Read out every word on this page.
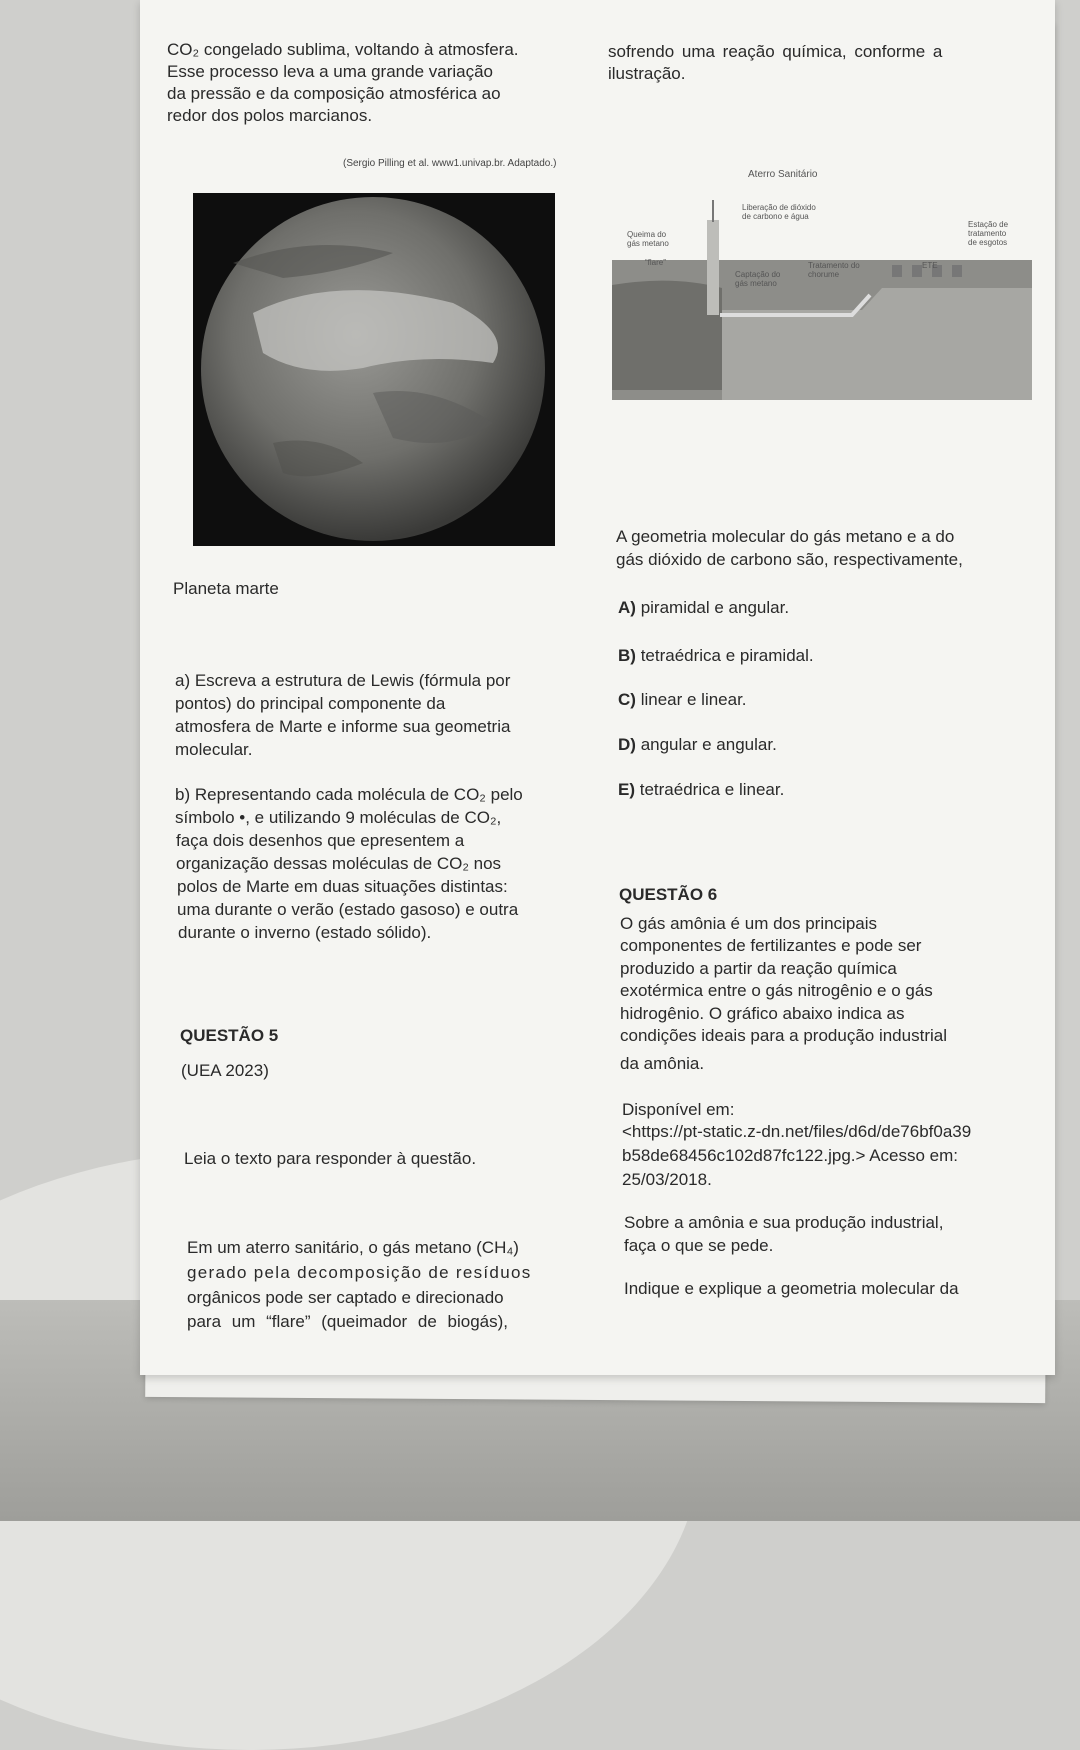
CO₂ congelado sublima, voltando à atmosfera.
Esse processo leva a uma grande variação
da pressão e da composição atmosférica ao
redor dos polos marcianos.
(Sergio Pilling et al. www1.univap.br. Adaptado.)
Planeta marte
a) Escreva a estrutura de Lewis (fórmula por
pontos) do principal componente da
atmosfera de Marte e informe sua geometria
molecular.
b) Representando cada molécula de CO₂ pelo
símbolo •, e utilizando 9 moléculas de CO₂,
faça dois desenhos que epresentem a
organização dessas moléculas de CO₂ nos
polos de Marte em duas situações distintas:
uma durante o verão (estado gasoso) e outra
durante o inverno (estado sólido).
QUESTÃO 5
(UEA 2023)
Leia o texto para responder à questão.
Em um aterro sanitário, o gás metano (CH₄)
gerado pela decomposição de resíduos
orgânicos pode ser captado e direcionado
para um “flare” (queimador de biogás),
sofrendo uma reação química, conforme a
ilustração.
Aterro Sanitário
Liberação de dióxido
de carbono e água
Queima do
gás metano
“flare”
Captação do
gás metano
Tratamento do
chorume
ETE
Estação de
tratamento
de esgotos
A geometria molecular do gás metano e a do
gás dióxido de carbono são, respectivamente,
A) piramidal e angular.
B) tetraédrica e piramidal.
C) linear e linear.
D) angular e angular.
E) tetraédrica e linear.
QUESTÃO 6
O gás amônia é um dos principais
componentes de fertilizantes e pode ser
produzido a partir da reação química
exotérmica entre o gás nitrogênio e o gás
hidrogênio. O gráfico abaixo indica as
condições ideais para a produção industrial
da amônia.
Disponível em:
<https://pt-static.z-dn.net/files/d6d/de76bf0a39
b58de68456c102d87fc122.jpg.> Acesso em:
25/03/2018.
Sobre a amônia e sua produção industrial,
faça o que se pede.
Indique e explique a geometria molecular da
